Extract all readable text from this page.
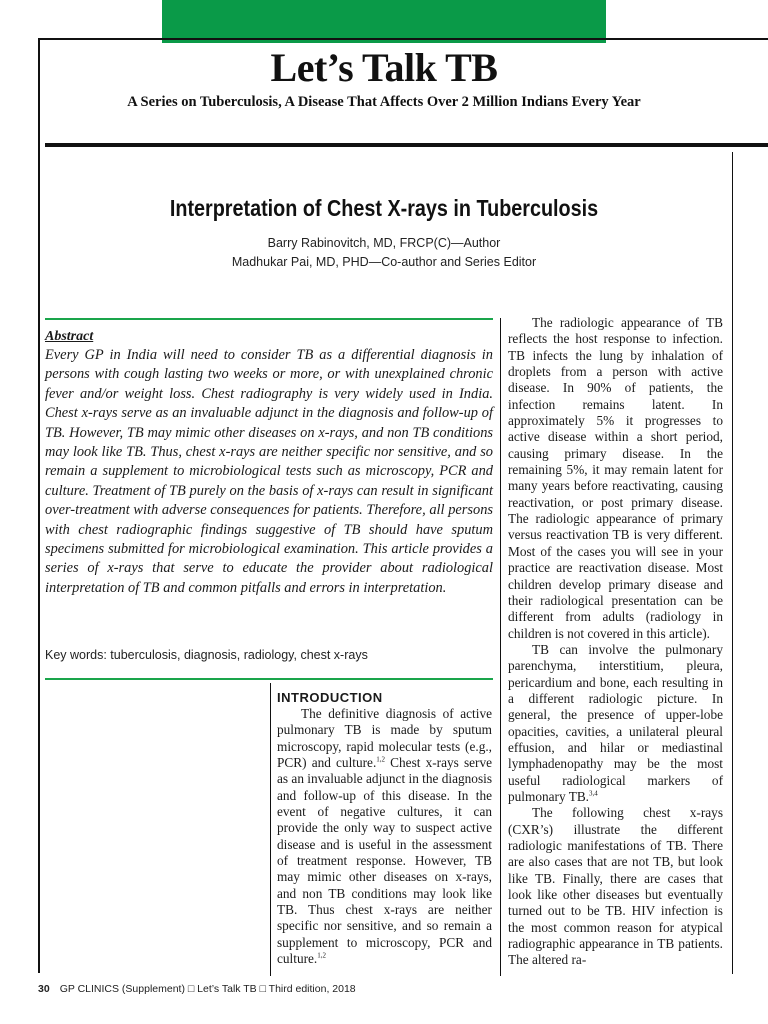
Let’s Talk TB
A Series on Tuberculosis, A Disease That Affects Over 2 Million Indians Every Year
Interpretation of Chest X-rays in Tuberculosis
Barry Rabinovitch, MD, FRCP(C)—Author
Madhukar Pai, MD, PHD—Co-author and Series Editor

Abstract

Every GP in India will need to consider TB as a differential diagnosis in persons with cough lasting two weeks or more, or with unexplained chronic fever and/or weight loss. Chest radiography is very widely used in India. Chest x-rays serve as an invaluable adjunct in the diagnosis and follow-up of TB. However, TB may mimic other diseases on x-rays, and non TB conditions may look like TB. Thus, chest x-rays are neither specific nor sensitive, and so remain a supplement to microbiological tests such as microscopy, PCR and culture. Treatment of TB purely on the basis of x-rays can result in significant over-treatment with adverse consequences for patients. Therefore, all persons with chest radiographic findings suggestive of TB should have sputum specimens submitted for microbiological examination. This article provides a series of x-rays that serve to educate the provider about radiological interpretation of TB and common pitfalls and errors in interpretation.

Key words: tuberculosis, diagnosis, radiology, chest x-rays

INTRODUCTION

The definitive diagnosis of active pulmonary TB is made by sputum microscopy, rapid molecular tests (e.g., PCR) and culture.$^{1,2}$ Chest x-rays serve as an invaluable adjunct in the diagnosis and follow-up of this disease. In the event of negative cultures, it can provide the only way to suspect active disease and is useful in the assessment of treatment response. However, TB may mimic other diseases on x-rays, and non TB conditions may look like TB. Thus chest x-rays are neither specific nor sensitive, and so remain a supplement to microscopy, PCR and culture.$^{1,2}$

The radiologic appearance of TB reflects the host response to infection. TB infects the lung by inhalation of droplets from a person with active disease. In 90% of patients, the infection remains latent. In approximately 5% it progresses to active disease within a short period, causing primary disease. In the remaining 5%, it may remain latent for many years before reactivating, causing reactivation, or post primary disease. The radiologic appearance of primary versus reactivation TB is very different. Most of the cases you will see in your practice are reactivation disease. Most children develop primary disease and their radiological presentation can be different from adults (radiology in children is not covered in this article).

TB can involve the pulmonary parenchyma, interstitium, pleura, pericardium and bone, each resulting in a different radiologic picture. In general, the presence of upper-lobe opacities, cavities, a unilateral pleural effusion, and hilar or mediastinal lymphadenopathy may be the most useful radiological markers of pulmonary TB.$^{3,4}$

The following chest x-rays (CXR’s) illustrate the different radiologic manifestations of TB. There are also cases that are not TB, but look like TB. Finally, there are cases that look like other diseases but eventually turned out to be TB. HIV infection is the most common reason for atypical radiographic appearance in TB patients. The altered ra-

30 GP CLINICS (Supplement) □ Let’s Talk TB □ Third edition, 2018
